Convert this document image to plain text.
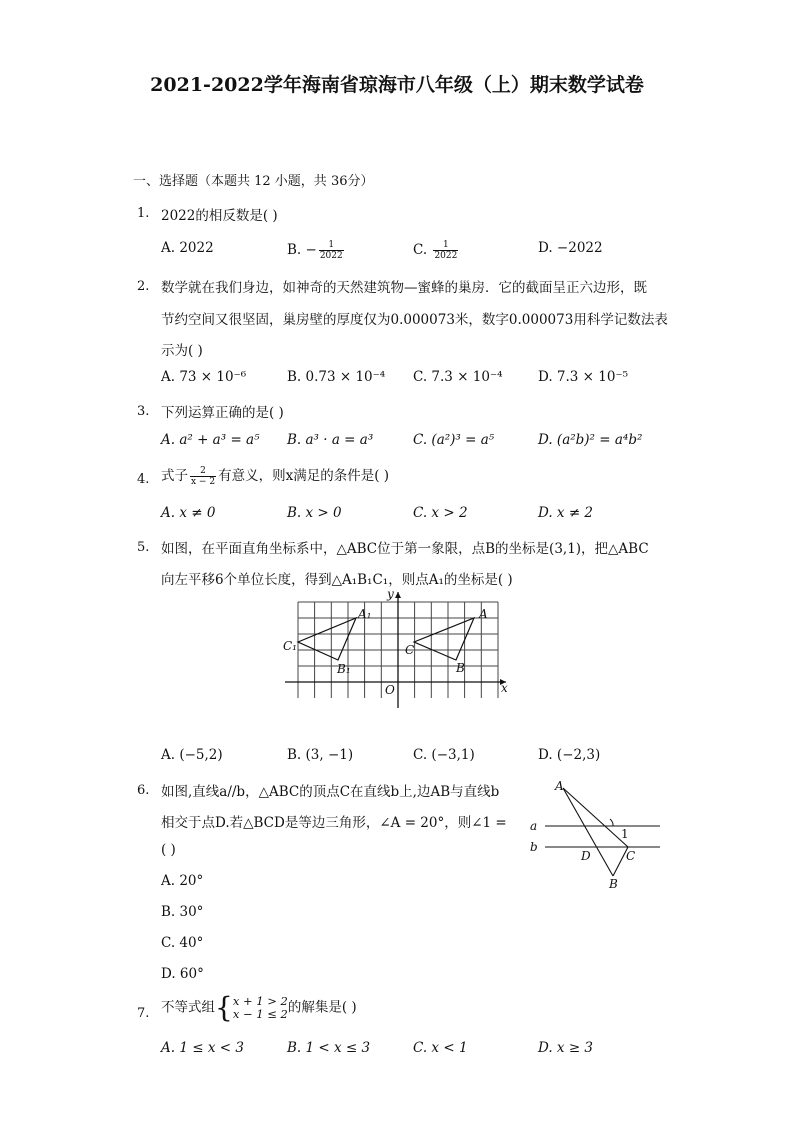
2021-2022学年海南省琼海市八年级（上）期末数学试卷
一、选择题（本题共 12 小题，共 36分）
1. 2022的相反数是( )
A. 2022	B. − $\frac{1}{2022}$	C. $\frac{1}{2022}$	D. −2022
2. 数学就在我们身边，如神奇的天然建筑物—蜜蜂的巢房．它的截面呈正六边形，既
节约空间又很坚固，巢房壁的厚度仅为0.000073米，数字0.000073用科学记数法表
示为( )
A. 73 × 10⁻⁶	B. 0.73 × 10⁻⁴ C. 7.3 × 10⁻⁴	D. 7.3 × 10⁻⁵
3. 下列运算正确的是( )
A. a² + a³ = a⁵ B. a³ · a = a³	C. (a²)³ = a⁵	D. (a²b)² = a⁴b²
4. 式子 $\frac{2}{x - 2}$ 有意义，则x满足的条件是( )
A. x ≠ 0	B. x > 0	C. x > 2	D. x ≠ 2
5. 如图，在平面直角坐标系中，△ABC位于第一象限，点B的坐标是(3,1)，把△ABC
向左平移6个单位长度，得到△A₁B₁C₁，则点A₁的坐标是( )
y
x
O
A
B
C
A₁
B₁
C₁
A. (−5,2)	B. (3, −1)	C. (−3,1)	D. (−2,3)
6. 如图,直线a//b，△ABC的顶点C在直线b上,边AB与直线b
相交于点D.若△BCD是等边三角形，∠A = 20°，则∠1 =
( )
A. 20°
B. 30°
C. 40°
D. 60°
A
B
C
D
a
b
1
7. 不等式组{ x + 1 > 2
x − 1 ≤ 2 的解集是( )
A. 1 ≤ x < 3	B. 1 < x ≤ 3	C. x < 1	D. x ≥ 3
